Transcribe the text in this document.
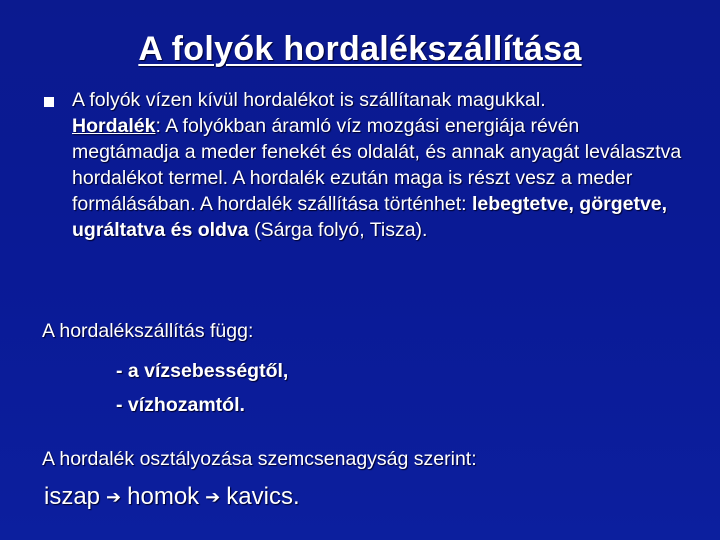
A folyók hordalékszállítása
A folyók vízen kívül hordalékot is szállítanak magukkal.
Hordalék: A folyókban áramló víz mozgási energiája révén megtámadja a meder fenekét és oldalát, és annak anyagát leválasztva hordalékot termel. A hordalék ezután maga is részt vesz a meder formálásában. A hordalék szállítása történhet: lebegtetve, görgetve, ugráltatva és oldva (Sárga folyó, Tisza).
A hordalékszállítás függ:
- a vízsebességtől,
- vízhozamtól.
A hordalék osztályozása szemcsenagyság szerint:
iszap ➔ homok ➔ kavics.
